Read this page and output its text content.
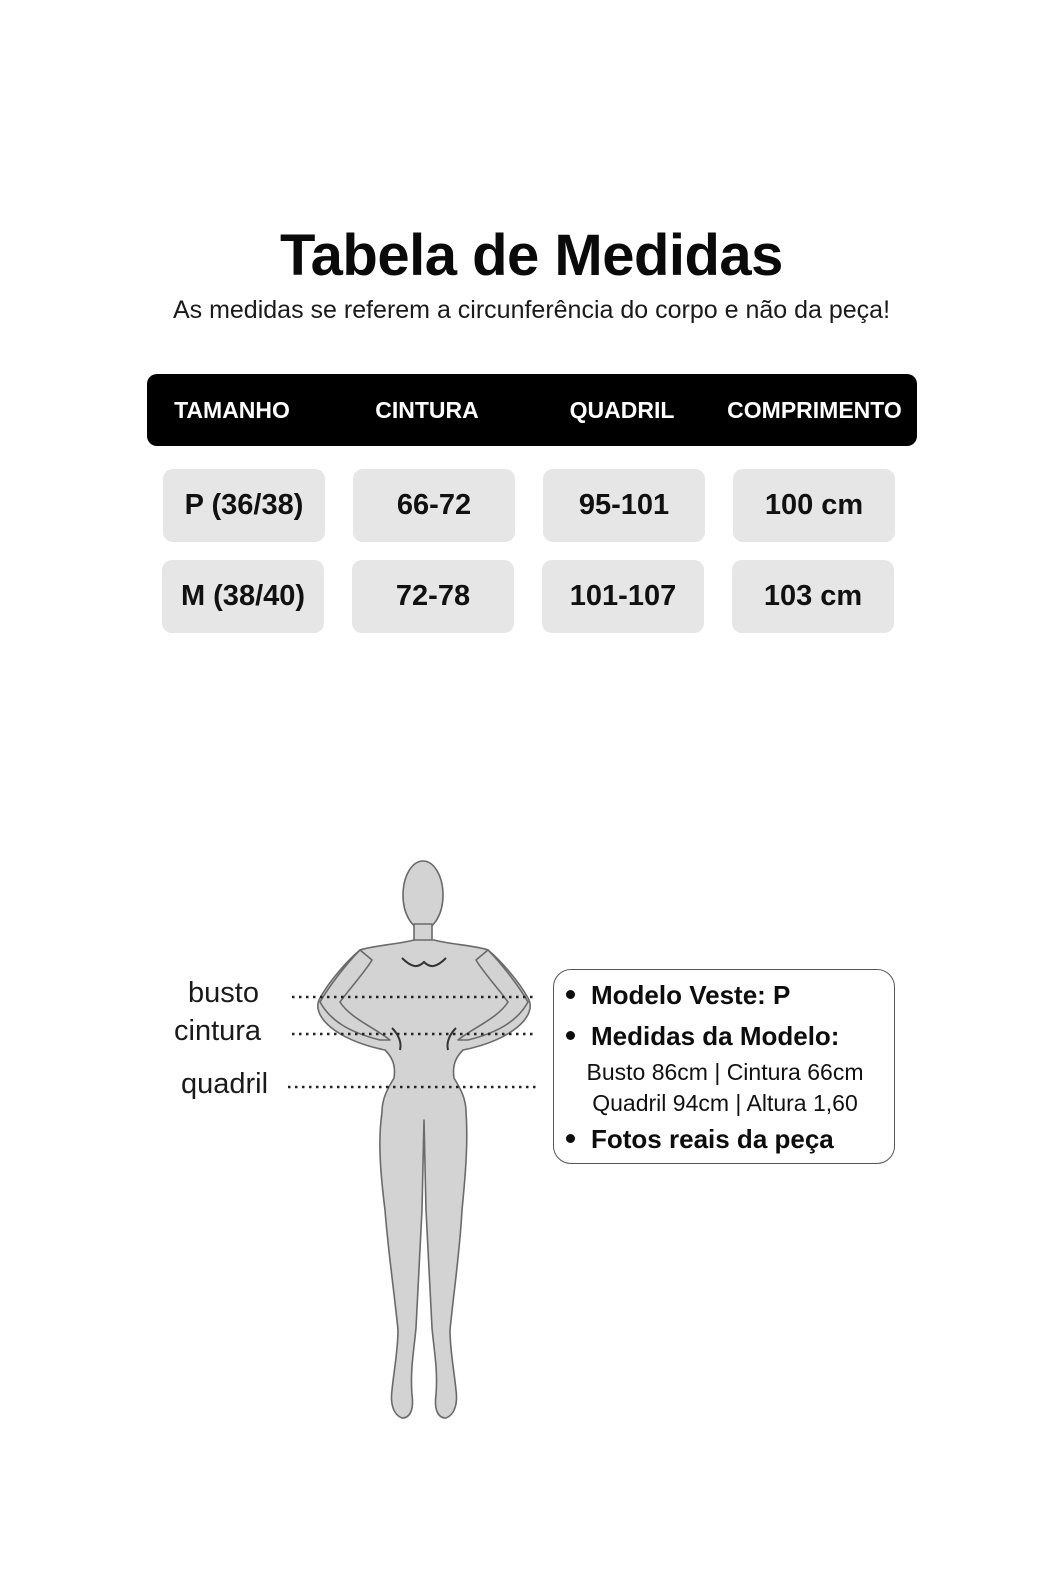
Tabela de Medidas
As medidas se referem a circunferência do corpo e não da peça!
TAMANHO	CINTURA	QUADRIL	COMPRIMENTO
P (36/38)	66-72	95-101	100 cm
M (38/40)	72-78	101-107	103 cm
busto
cintura
quadril
Modelo Veste: P
Medidas da Modelo:
Busto 86cm | Cintura 66cm
Quadril 94cm | Altura 1,60
Fotos reais da peça
